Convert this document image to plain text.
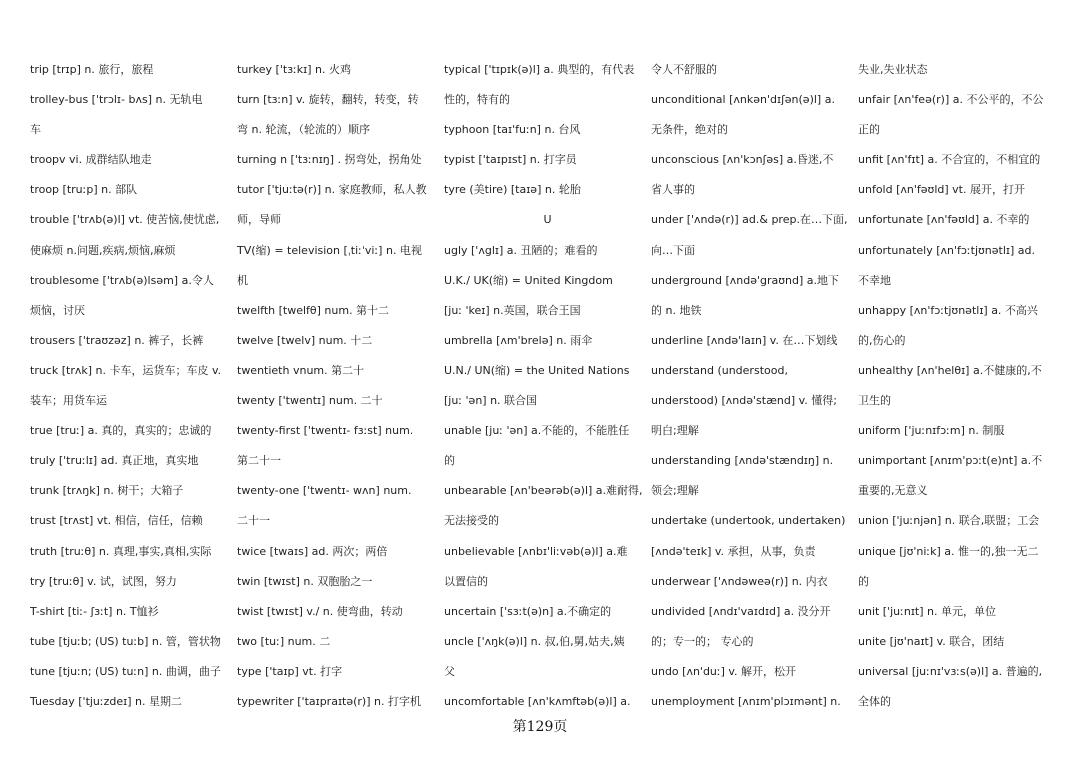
trip [trɪp] n. 旅行，旅程
trolley-bus ['trɔlɪ- bʌs] n. 无轨电
车
troopv vi. 成群结队地走
troop [truːp] n. 部队
trouble ['trʌb(ə)l] vt. 使苦恼,使忧虑,
使麻烦 n.问题,疾病,烦恼,麻烦
troublesome ['trʌb(ə)lsəm] a.令人
烦恼，讨厌
trousers ['traʊzəz] n. 裤子，长裤
truck [trʌk] n. 卡车，运货车；车皮 v.
装车；用货车运
true [truː] a. 真的，真实的；忠诚的
truly ['truːlɪ] ad. 真正地，真实地
trunk [trʌŋk] n. 树干；大箱子
trust [trʌst] vt. 相信，信任，信赖
truth [truːθ] n. 真理,事实,真相,实际
try [truːθ] v. 试，试图，努力
T-shirt [tiː- ʃɜːt] n. T恤衫
tube [tjuːb; (US) tuːb] n. 管，管状物
tune [tjuːn; (US) tuːn] n. 曲调，曲子
Tuesday ['tjuːzdeɪ] n. 星期二
turkey ['tɜːkɪ] n. 火鸡
turn [tɜːn] v. 旋转，翻转，转变，转
弯 n. 轮流，（轮流的）顺序
turning n ['tɜːnɪŋ] . 拐弯处，拐角处
tutor ['tjuːtə(r)] n. 家庭教师，私人教
师，导师
TV(缩) = television [ˌtiːˈviː] n. 电视
机
twelfth [twelfθ] num. 第十二
twelve [twelv] num. 十二
twentieth vnum. 第二十
twenty ['twentɪ] num. 二十
twenty-first ['twentɪ- fɜːst] num.
第二十一
twenty-one ['twentɪ- wʌn] num.
二十一
twice [twaɪs] ad. 两次；两倍
twin [twɪst] n. 双胞胎之一
twist [twɪst] v./ n. 使弯曲，转动
two [tuː] num. 二
type ['taɪp] vt. 打字
typewriter ['taɪpraɪtə(r)] n. 打字机
typical ['tɪpɪk(ə)l] a. 典型的，有代表
性的，特有的
typhoon [taɪ'fuːn] n. 台风
typist ['taɪpɪst] n. 打字员
tyre (美tire) [taɪə] n. 轮胎
U
ugly ['ʌglɪ] a. 丑陋的；难看的
U.K./ UK(缩) = United Kingdom
[juː 'keɪ] n.英国，联合王国
umbrella [ʌm'brelə] n. 雨伞
U.N./ UN(缩) = the United Nations
[juː 'ən] n. 联合国
unable [juː 'ən] a.不能的，不能胜任
的
unbearable [ʌn'beərəb(ə)l] a.难耐得,
无法接受的
unbelievable [ʌnbɪ'liːvəb(ə)l] a.难
以置信的
uncertain ['sɜːt(ə)n] a.不确定的
uncle ['ʌŋk(ə)l] n. 叔,伯,舅,姑夫,姨
父
uncomfortable [ʌn'kʌmftəb(ə)l] a.
令人不舒服的
unconditional [ʌnkən'dɪʃən(ə)l] a.
无条件，绝对的
unconscious [ʌn'kɔnʃəs] a.昏迷,不
省人事的
under ['ʌndə(r)] ad.& prep.在…下面,
向…下面
underground [ʌndə'graʊnd] a.地下
的 n. 地铁
underline [ʌndə'laɪn] v. 在…下划线
understand (understood,
understood) [ʌndə'stænd] v. 懂得;
明白;理解
understanding [ʌndə'stændɪŋ] n.
领会;理解
undertake (undertook, undertaken)
[ʌndə'teɪk] v. 承担，从事，负责
underwear ['ʌndəweə(r)] n. 内衣
undivided [ʌndɪ'vaɪdɪd] a. 没分开
的；专一的； 专心的
undo [ʌn'duː] v. 解开，松开
unemployment [ʌnɪm'plɔɪmənt] n.
失业,失业状态
unfair [ʌn'feə(r)] a. 不公平的，不公
正的
unfit [ʌn'fɪt] a. 不合宜的，不相宜的
unfold [ʌn'fəʊld] vt. 展开，打开
unfortunate [ʌn'fəʊld] a. 不幸的
unfortunately [ʌn'fɔːtjʊnətlɪ] ad.
不幸地
unhappy [ʌn'fɔːtjʊnətlɪ] a. 不高兴
的,伤心的
unhealthy [ʌn'helθɪ] a.不健康的,不
卫生的
uniform ['juːnɪfɔːm] n. 制服
unimportant [ʌnɪm'pɔːt(e)nt] a.不
重要的,无意义
union ['juːnjən] n. 联合,联盟；工会
unique [jʊ'niːk] a. 惟一的,独一无二
的
unit ['juːnɪt] n. 单元，单位
unite [jʊ'naɪt] v. 联合，团结
universal [juːnɪ'vɜːs(ə)l] a. 普遍的,
全体的
第129页
